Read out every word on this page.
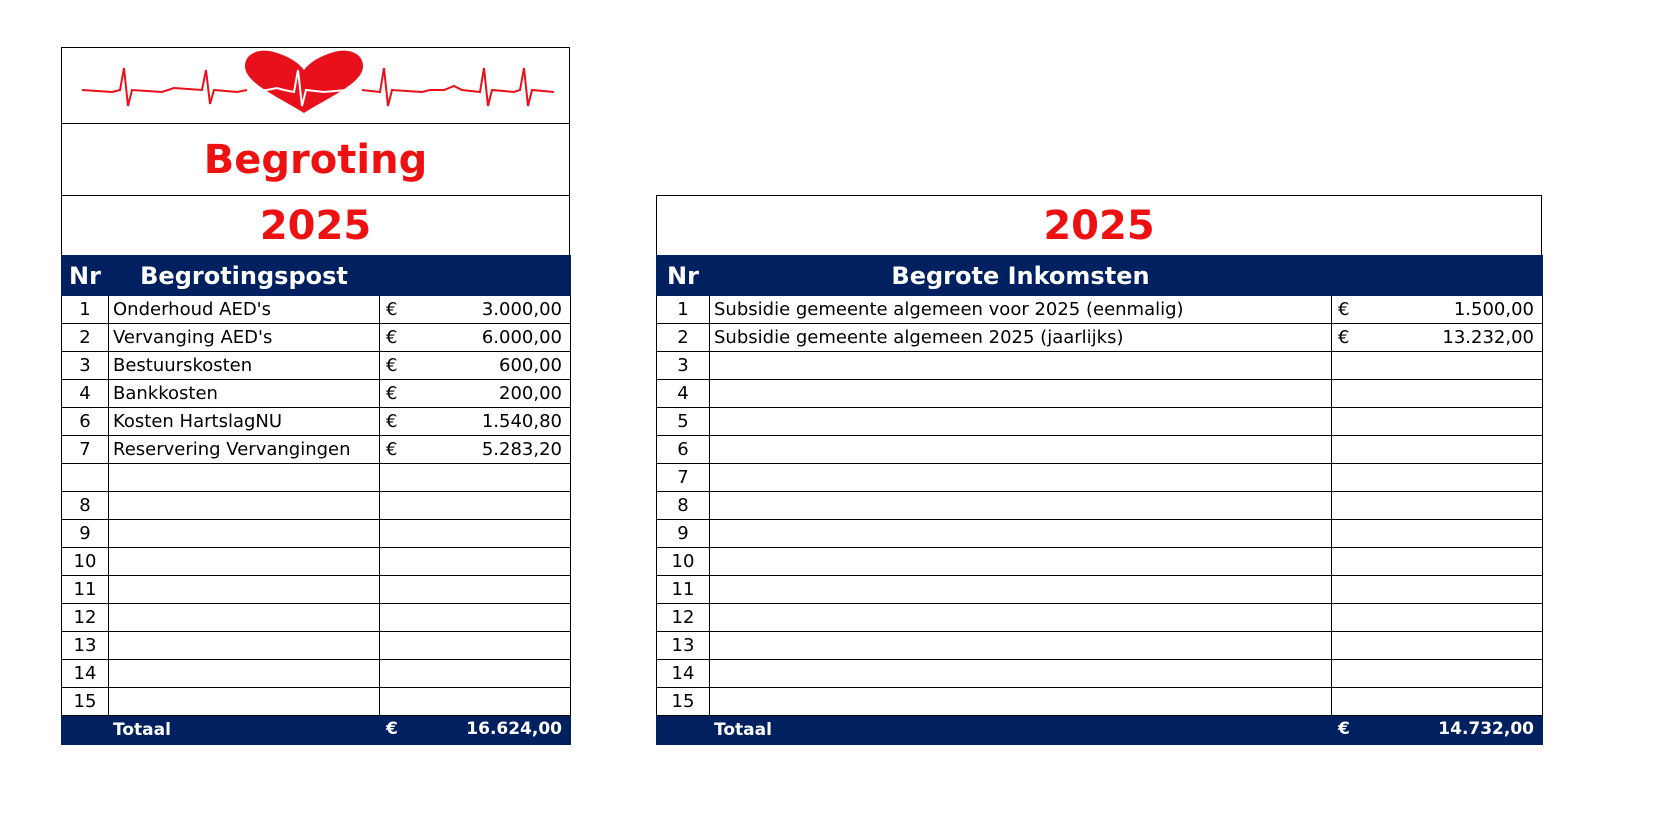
Begroting
2025
Nr	Begrotingspost	
1	Onderhoud AED's	€ 3.000,00

2	Vervanging AED's	€ 6.000,00

3	Bestuurskosten	€ 600,00

4	Bankkosten	€ 200,00

6	Kosten HartslagNU	€ 1.540,80

7	Reservering Vervangingen	€ 5.283,20

8		

9		

10		

11		

12		

13		

14		

15		

	Totaal	€ 16.624,00
2025
Nr	Begrote Inkomsten	
1	Subsidie gemeente algemeen voor 2025 (eenmalig)	€ 1.500,00

2	Subsidie gemeente algemeen 2025 (jaarlijks)	€ 13.232,00

3		

4		

5		

6		

7		

8		

9		

10		

11		

12		

13		

14		

15		

	Totaal	€ 14.732,00
